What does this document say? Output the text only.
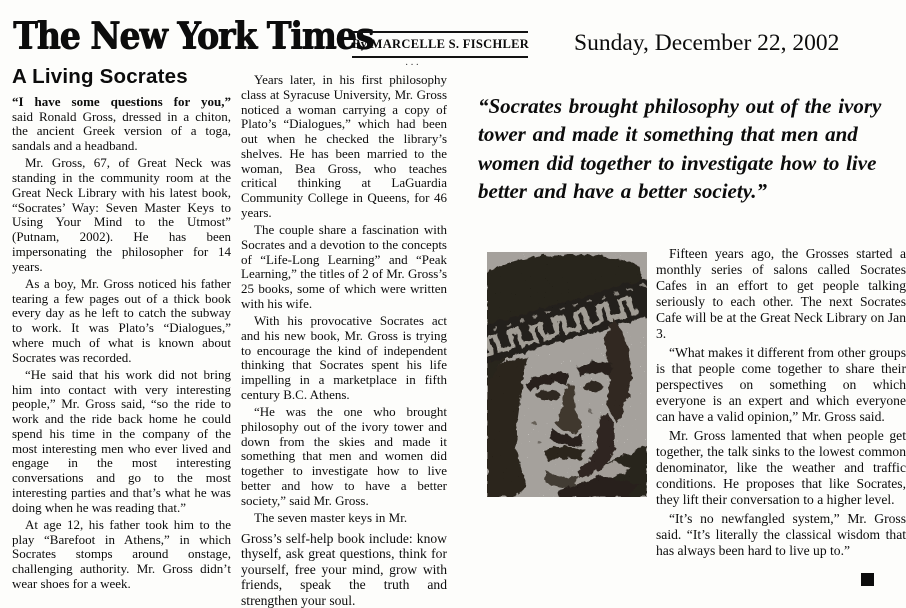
The New York Times
By MARCELLE S. FISCHLER Sunday, December 22, 2002
···
A Living Socrates

“I have some questions for you,” said Ronald Gross, dressed in a chiton, the ancient Greek version of a toga, sandals and a headband.

Mr. Gross, 67, of Great Neck was standing in the community room at the Great Neck Library with his latest book, “Socrates’ Way: Seven Master Keys to Using Your Mind to the Utmost” (Putnam, 2002). He has been impersonating the philosopher for 14 years.

As a boy, Mr. Gross noticed his father tearing a few pages out of a thick book every day as he left to catch the subway to work. It was Plato’s “Dialogues,” where much of what is known about Socrates was recorded.

“He said that his work did not bring him into contact with very interesting people,” Mr. Gross said, “so the ride to work and the ride back home he could spend his time in the company of the most interesting men who ever lived and engage in the most interesting conversations and go to the most interesting parties and that’s what he was doing when he was reading that.”

At age 12, his father took him to the play “Barefoot in Athens,” in which Socrates stomps around onstage, challenging authority. Mr. Gross didn’t wear shoes for a week.

Years later, in his first philosophy class at Syracuse University, Mr. Gross noticed a woman carrying a copy of Plato’s “Dialogues,” which had been out when he checked the library’s shelves. He has been married to the woman, Bea Gross, who teaches critical thinking at LaGuardia Community College in Queens, for 46 years.

The couple share a fascination with Socrates and a devotion to the concepts of “Life-Long Learning” and “Peak Learning,” the titles of 2 of Mr. Gross’s 25 books, some of which were written with his wife.

With his provocative Socrates act and his new book, Mr. Gross is trying to encourage the kind of independent thinking that Socrates spent his life impelling in a marketplace in fifth century B.C. Athens.

“He was the one who brought philosophy out of the ivory tower and down from the skies and made it something that men and women did together to investigate how to live better and how to have a better society,” said Mr. Gross.

The seven master keys in Mr.

Gross’s self-help book include: know thyself, ask great questions, think for yourself, free your mind, grow with friends, speak the truth and strengthen your soul.

“Socrates brought philosophy out of the ivory tower and made it something that men and women did together to investigate how to live better and have a better society.”

Fifteen years ago, the Grosses started a monthly series of salons called Socrates Cafes in an effort to get people talking seriously to each other. The next Socrates Cafe will be at the Great Neck Library on Jan 3.

“What makes it different from other groups is that people come together to share their perspectives on something on which everyone is an expert and which everyone can have a valid opinion,” Mr. Gross said.

Mr. Gross lamented that when people get together, the talk sinks to the lowest common denominator, like the weather and traffic conditions. He proposes that like Socrates, they lift their conversation to a higher level.

“It’s no newfangled system,” Mr. Gross said. “It’s literally the classical wisdom that has always been hard to live up to.”
